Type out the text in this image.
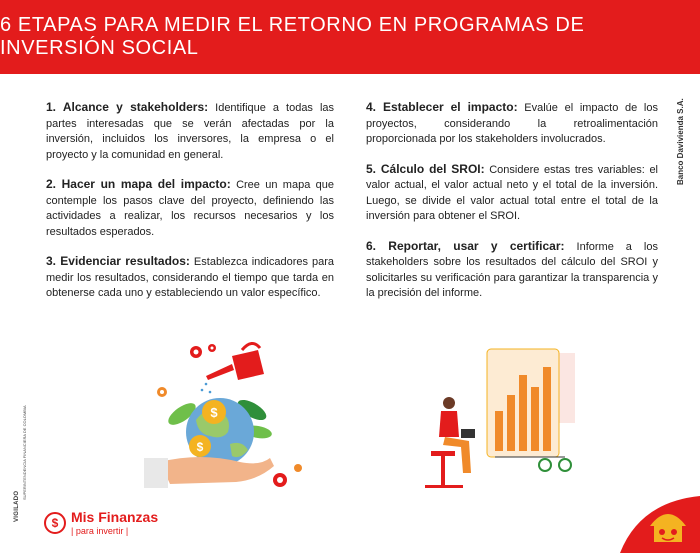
6 ETAPAS PARA MEDIR EL RETORNO EN PROGRAMAS DE INVERSIÓN SOCIAL

1. Alcance y stakeholders: Identifique a todas las partes interesadas que se verán afectadas por la inversión, incluidos los inversores, la empresa o el proyecto y la comunidad en general.

2. Hacer un mapa del impacto: Cree un mapa que contemple los pasos clave del proyecto, definiendo las actividades a realizar, los recursos necesarios y los resultados esperados.

3. Evidenciar resultados: Establezca indicadores para medir los resultados, considerando el tiempo que tarda en obtenerse cada uno y estableciendo un valor específico.

4. Establecer el impacto: Evalúe el impacto de los proyectos, considerando la retroalimentación proporcionada por los stakeholders involucrados.

5. Cálculo del SROI: Considere estas tres variables: el valor actual, el valor actual neto y el total de la inversión. Luego, se divide el valor actual total entre el total de la inversión para obtener el SROI.

6. Reportar, usar y certificar: Informe a los stakeholders sobre los resultados del cálculo del SROI y solicitarles su verificación para garantizar la transparencia y la precisión del informe.

Banco Davivienda S.A.
$
$
VIGILADO
SUPERINTENDENCIA FINANCIERA DE COLOMBIA
$ Mis Finanzas
| para invertir |
